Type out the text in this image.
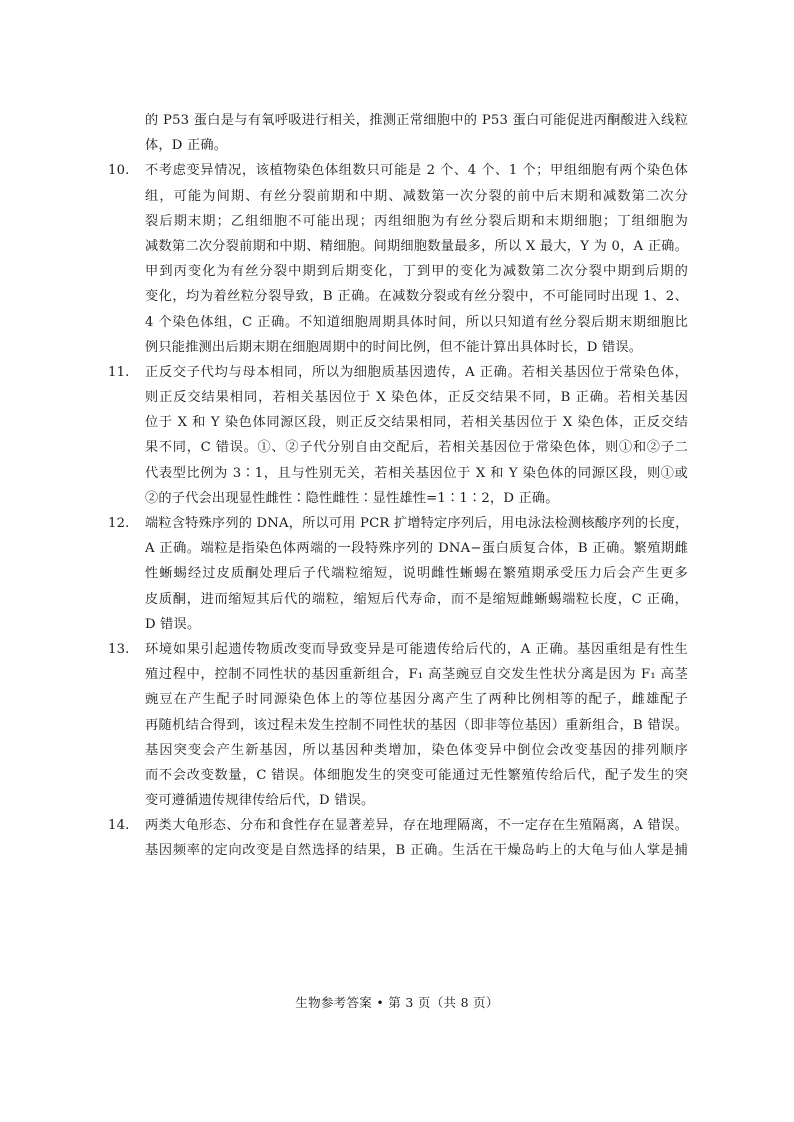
的 P53 蛋白是与有氧呼吸进行相关，推测正常细胞中的 P53 蛋白可能促进丙酮酸进入线粒
体，D 正确。
10.	不考虑变异情况，该植物染色体组数只可能是 2 个、4 个、1 个；甲组细胞有两个染色体
组，可能为间期、有丝分裂前期和中期、减数第一次分裂的前中后末期和减数第二次分
裂后期末期；乙组细胞不可能出现；丙组细胞为有丝分裂后期和末期细胞；丁组细胞为
减数第二次分裂前期和中期、精细胞。间期细胞数量最多，所以 X 最大，Y 为 0，A 正确。
甲到丙变化为有丝分裂中期到后期变化，丁到甲的变化为减数第二次分裂中期到后期的
变化，均为着丝粒分裂导致，B 正确。在减数分裂或有丝分裂中，不可能同时出现 1、2、
4 个染色体组，C 正确。不知道细胞周期具体时间，所以只知道有丝分裂后期末期细胞比
例只能推测出后期末期在细胞周期中的时间比例，但不能计算出具体时长，D 错误。
11.	正反交子代均与母本相同，所以为细胞质基因遗传，A 正确。若相关基因位于常染色体，
则正反交结果相同，若相关基因位于 X 染色体，正反交结果不同，B 正确。若相关基因
位于 X 和 Y 染色体同源区段，则正反交结果相同，若相关基因位于 X 染色体，正反交结
果不同，C 错误。①、②子代分别自由交配后，若相关基因位于常染色体，则①和②子二
代表型比例为 3∶1，且与性别无关，若相关基因位于 X 和 Y 染色体的同源区段，则①或
②的子代会出现显性雌性∶隐性雌性∶显性雄性=1∶1∶2，D 正确。
12.	端粒含特殊序列的 DNA，所以可用 PCR 扩增特定序列后，用电泳法检测核酸序列的长度，
A 正确。端粒是指染色体两端的一段特殊序列的 DNA−蛋白质复合体，B 正确。繁殖期雌
性蜥蜴经过皮质酮处理后子代端粒缩短，说明雌性蜥蜴在繁殖期承受压力后会产生更多
皮质酮，进而缩短其后代的端粒，缩短后代寿命，而不是缩短雌蜥蜴端粒长度，C 正确，
D 错误。
13.	环境如果引起遗传物质改变而导致变异是可能遗传给后代的，A 正确。基因重组是有性生
殖过程中，控制不同性状的基因重新组合，F₁ 高茎豌豆自交发生性状分离是因为 F₁ 高茎
豌豆在产生配子时同源染色体上的等位基因分离产生了两种比例相等的配子，雌雄配子
再随机结合得到，该过程未发生控制不同性状的基因（即非等位基因）重新组合，B 错误。
基因突变会产生新基因，所以基因种类增加，染色体变异中倒位会改变基因的排列顺序
而不会改变数量，C 错误。体细胞发生的突变可能通过无性繁殖传给后代，配子发生的突
变可遵循遗传规律传给后代，D 错误。
14.	两类大龟形态、分布和食性存在显著差异，存在地理隔离，不一定存在生殖隔离，A 错误。
基因频率的定向改变是自然选择的结果，B 正确。生活在干燥岛屿上的大龟与仙人掌是捕
生物参考答案 • 第 3 页（共 8 页）
